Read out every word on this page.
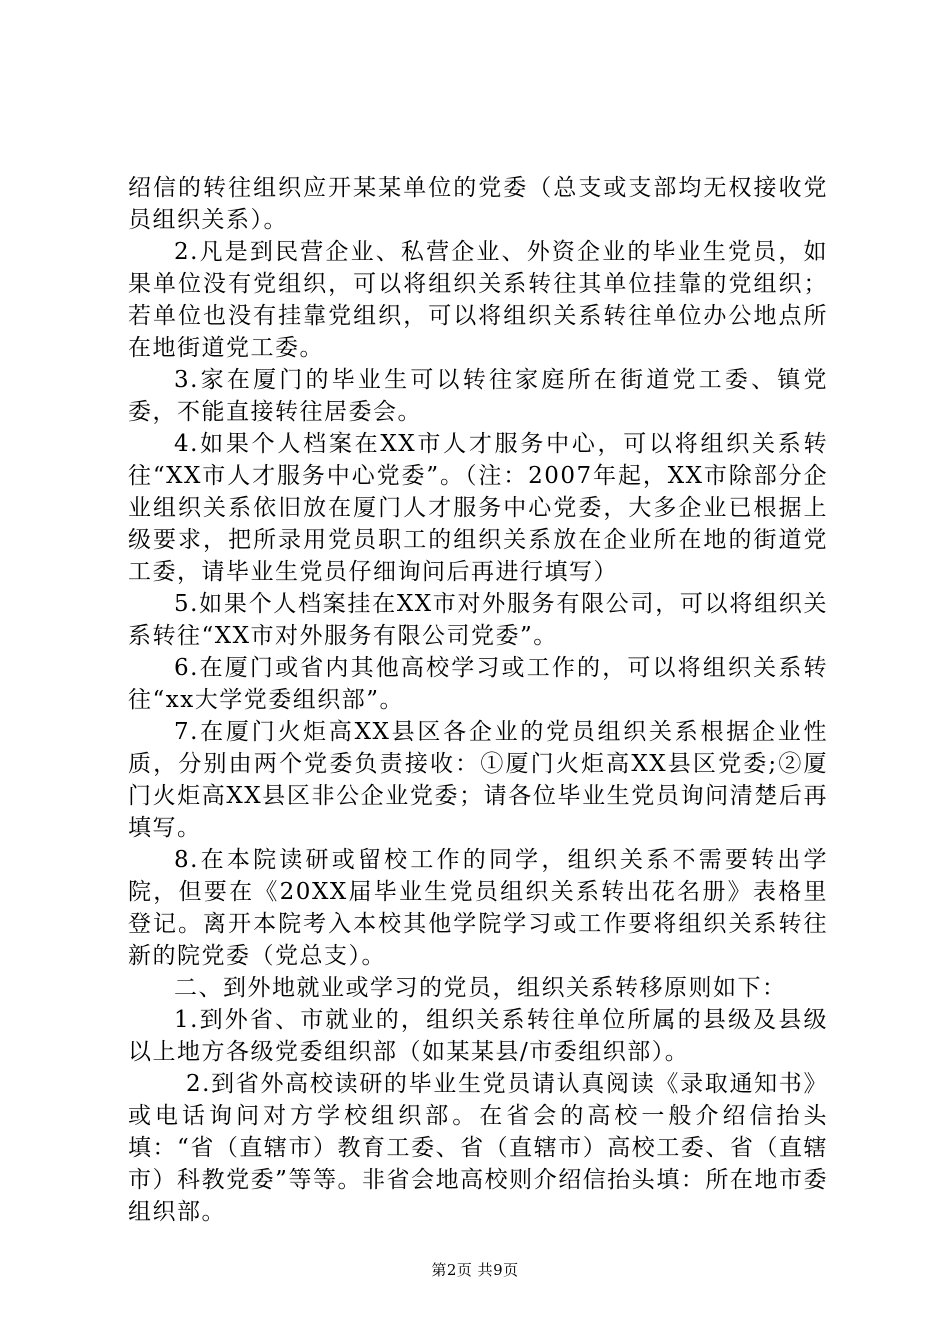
绍信的转往组织应开某某单位的党委（总支或支部均无权接收党员组织关系）。

2.凡是到民营企业、私营企业、外资企业的毕业生党员，如果单位没有党组织，可以将组织关系转往其单位挂靠的党组织；若单位也没有挂靠党组织，可以将组织关系转往单位办公地点所在地街道党工委。

3.家在厦门的毕业生可以转往家庭所在街道党工委、镇党委，不能直接转往居委会。

4.如果个人档案在XX市人才服务中心，可以将组织关系转往“XX市人才服务中心党委”。（注：2007年起，XX市除部分企业组织关系依旧放在厦门人才服务中心党委，大多企业已根据上级要求，把所录用党员职工的组织关系放在企业所在地的街道党工委，请毕业生党员仔细询问后再进行填写）

5.如果个人档案挂在XX市对外服务有限公司，可以将组织关系转往“XX市对外服务有限公司党委”。

6.在厦门或省内其他高校学习或工作的，可以将组织关系转往“xx大学党委组织部”。

7.在厦门火炬高XX县区各企业的党员组织关系根据企业性质，分别由两个党委负责接收：①厦门火炬高XX县区党委;②厦门火炬高XX县区非公企业党委；请各位毕业生党员询问清楚后再填写。

8.在本院读研或留校工作的同学，组织关系不需要转出学院，但要在《20XX届毕业生党员组织关系转出花名册》表格里登记。离开本院考入本校其他学院学习或工作要将组织关系转往新的院党委（党总支）。

二、到外地就业或学习的党员，组织关系转移原则如下：

1.到外省、市就业的，组织关系转往单位所属的县级及县级以上地方各级党委组织部（如某某县/市委组织部）。

2.到省外高校读研的毕业生党员请认真阅读《录取通知书》或电话询问对方学校组织部。在省会的高校一般介绍信抬头填：“省（直辖市）教育工委、省（直辖市）高校工委、省（直辖市）科教党委”等等。非省会地高校则介绍信抬头填：所在地市委组织部。

第2页 共9页
